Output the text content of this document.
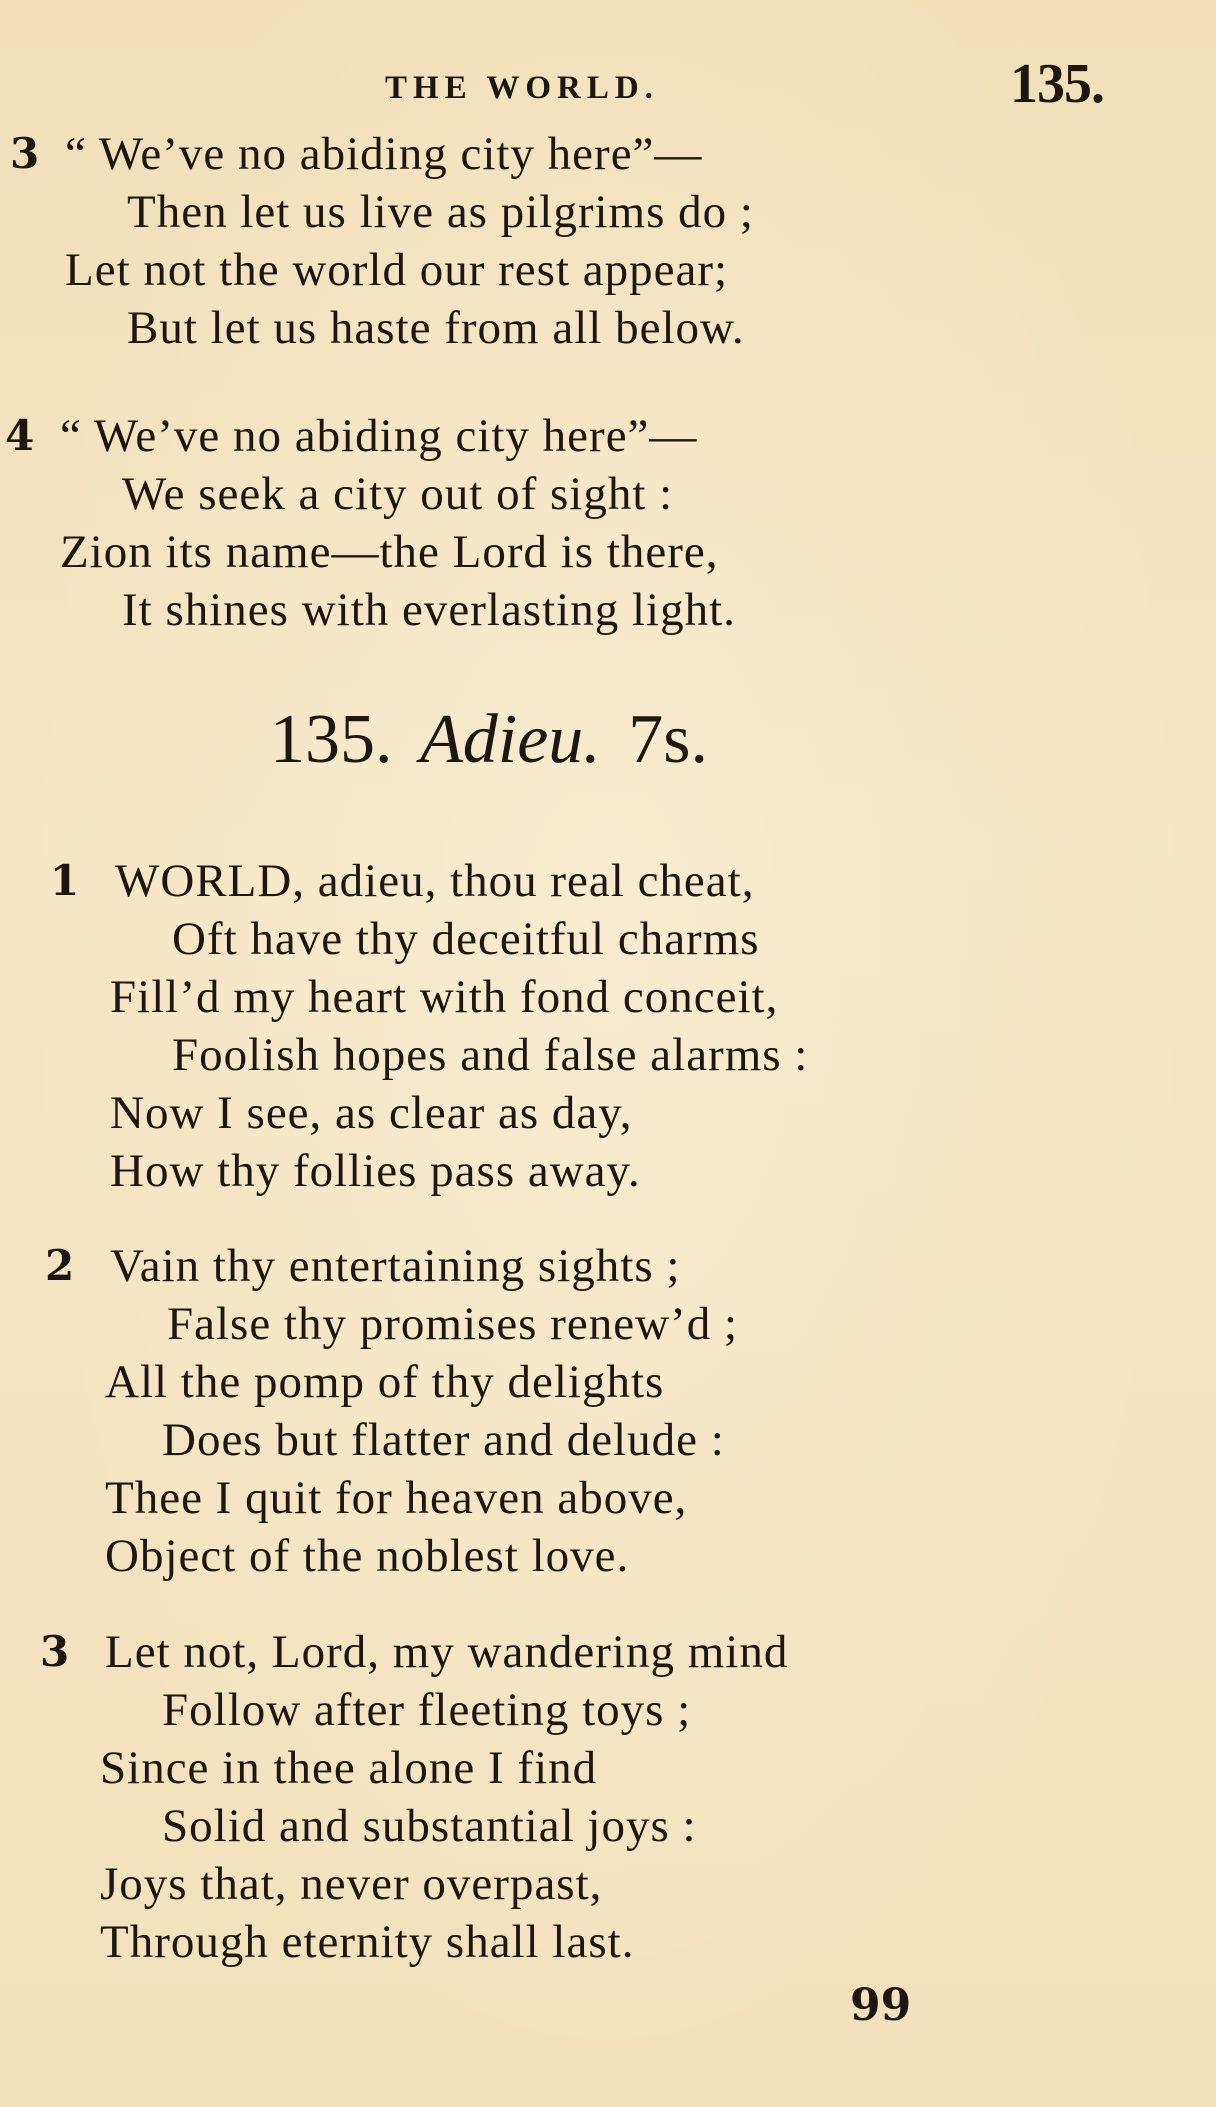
THE WORLD.	135.
3 “ We’ve no abiding city here”—
Then let us live as pilgrims do ;
Let not the world our rest appear;
But let us haste from all below.
4 “ We’ve no abiding city here”—
We seek a city out of sight :
Zion its name—the Lord is there,
It shines with everlasting light.
135. Adieu. 7s.
1 WORLD, adieu, thou real cheat,
Oft have thy deceitful charms
Fill’d my heart with fond conceit,
Foolish hopes and false alarms :
Now I see, as clear as day,
How thy follies pass away.
2 Vain thy entertaining sights ;
False thy promises renew’d ;
All the pomp of thy delights
Does but flatter and delude :
Thee I quit for heaven above,
Object of the noblest love.
3 Let not, Lord, my wandering mind
Follow after fleeting toys ;
Since in thee alone I find
Solid and substantial joys :
Joys that, never overpast,
Through eternity shall last.
99
